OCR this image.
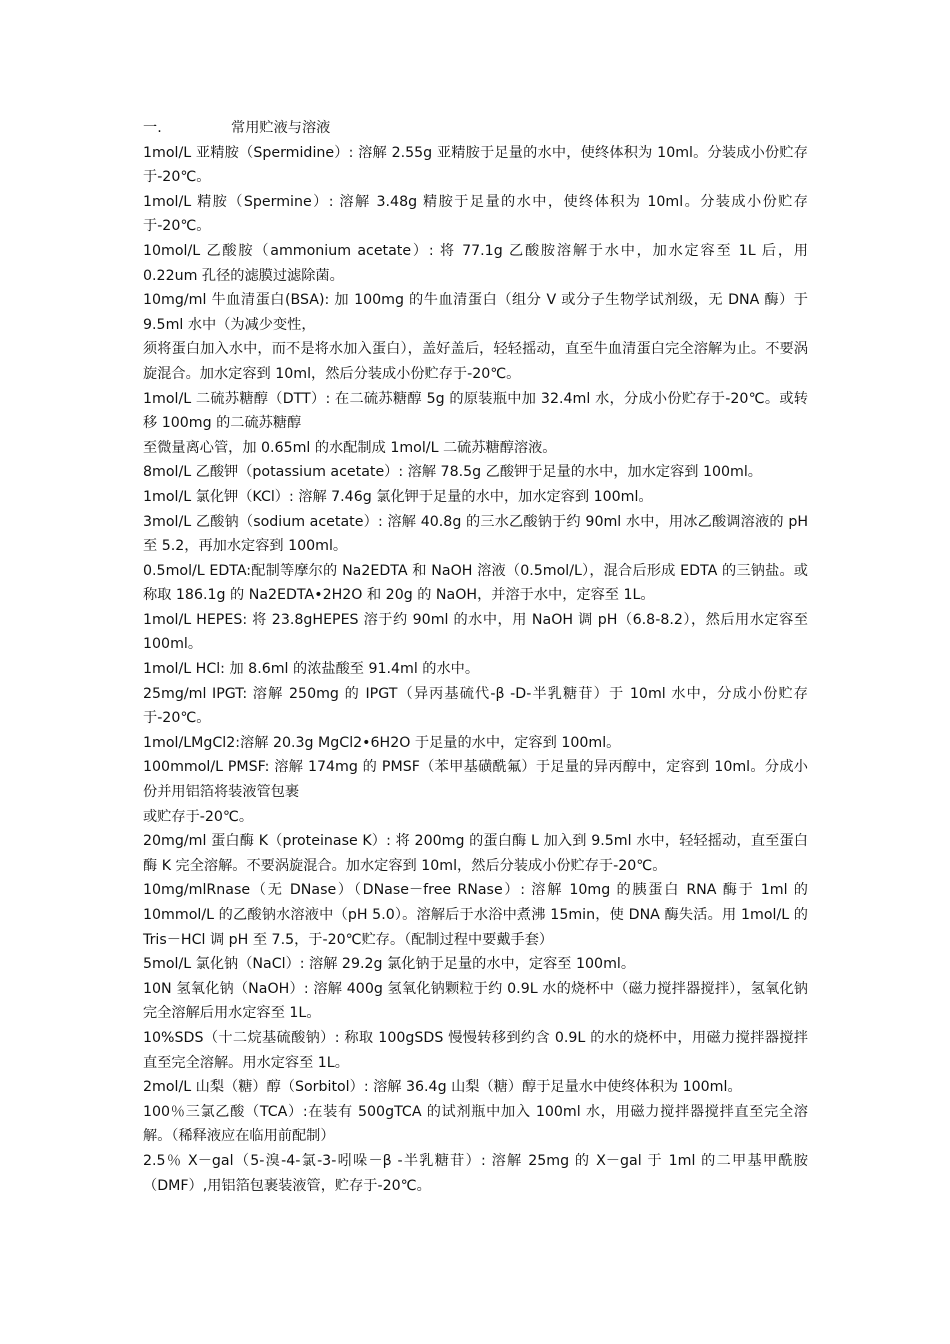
一.	常用贮液与溶液
1mol/L 亚精胺（Spermidine）: 溶解 2.55g 亚精胺于足量的水中，使终体积为 10ml。分装成小份贮存于-20℃。
1mol/L 精胺（Spermine）: 溶解 3.48g 精胺于足量的水中，使终体积为 10ml。分装成小份贮存于-20℃。
10mol/L 乙酸胺（ammonium acetate）: 将 77.1g 乙酸胺溶解于水中，加水定容至 1L 后，用 0.22um 孔径的滤膜过滤除菌。
10mg/ml 牛血清蛋白(BSA): 加 100mg 的牛血清蛋白（组分 V 或分子生物学试剂级，无 DNA 酶）于 9.5ml 水中（为减少变性，
须将蛋白加入水中，而不是将水加入蛋白），盖好盖后，轻轻摇动，直至牛血清蛋白完全溶解为止。不要涡旋混合。加水定容到 10ml，然后分装成小份贮存于-20℃。
1mol/L 二硫苏糖醇（DTT）: 在二硫苏糖醇 5g 的原装瓶中加 32.4ml 水，分成小份贮存于-20℃。或转移 100mg 的二硫苏糖醇
至微量离心管，加 0.65ml 的水配制成 1mol/L 二硫苏糖醇溶液。
8mol/L 乙酸钾（potassium acetate）: 溶解 78.5g 乙酸钾于足量的水中，加水定容到 100ml。
1mol/L 氯化钾（KCl）: 溶解 7.46g 氯化钾于足量的水中，加水定容到 100ml。
3mol/L 乙酸钠（sodium acetate）: 溶解 40.8g 的三水乙酸钠于约 90ml 水中，用冰乙酸调溶液的 pH 至 5.2，再加水定容到 100ml。
0.5mol/L EDTA:配制等摩尔的 Na2EDTA 和 NaOH 溶液（0.5mol/L），混合后形成 EDTA 的三钠盐。或称取 186.1g 的 Na2EDTA•2H2O 和 20g 的 NaOH，并溶于水中，定容至 1L。
1mol/L HEPES: 将 23.8gHEPES 溶于约 90ml 的水中，用 NaOH 调 pH（6.8-8.2），然后用水定容至 100ml。
1mol/L HCl: 加 8.6ml 的浓盐酸至 91.4ml 的水中。
25mg/ml IPGT: 溶解 250mg 的 IPGT（异丙基硫代-β -D-半乳糖苷）于 10ml 水中，分成小份贮存于-20℃。
1mol/LMgCl2:溶解 20.3g MgCl2•6H2O 于足量的水中，定容到 100ml。
100mmol/L PMSF: 溶解 174mg 的 PMSF（苯甲基磺酰氟）于足量的异丙醇中，定容到 10ml。分成小份并用铝箔将装液管包裹
或贮存于-20℃。
20mg/ml 蛋白酶 K（proteinase K）: 将 200mg 的蛋白酶 L 加入到 9.5ml 水中，轻轻摇动，直至蛋白酶 K 完全溶解。不要涡旋混合。加水定容到 10ml，然后分装成小份贮存于-20℃。
10mg/mlRnase（无 DNase）（DNase－free RNase）: 溶解 10mg 的胰蛋白 RNA 酶于 1ml 的 10mmol/L 的乙酸钠水溶液中（pH 5.0）。溶解后于水浴中煮沸 15min，使 DNA 酶失活。用 1mol/L 的 Tris－HCl 调 pH 至 7.5，于-20℃贮存。（配制过程中要戴手套）
5mol/L 氯化钠（NaCl）: 溶解 29.2g 氯化钠于足量的水中，定容至 100ml。
10N 氢氧化钠（NaOH）: 溶解 400g 氢氧化钠颗粒于约 0.9L 水的烧杯中（磁力搅拌器搅拌），氢氧化钠完全溶解后用水定容至 1L。
10%SDS（十二烷基硫酸钠）: 称取 100gSDS 慢慢转移到约含 0.9L 的水的烧杯中，用磁力搅拌器搅拌直至完全溶解。用水定容至 1L。
2mol/L 山梨（糖）醇（Sorbitol）: 溶解 36.4g 山梨（糖）醇于足量水中使终体积为 100ml。
100％三氯乙酸（TCA）:在装有 500gTCA 的试剂瓶中加入 100ml 水，用磁力搅拌器搅拌直至完全溶解。（稀释液应在临用前配制）
2.5％ X－gal（5-溴-4-氯-3-吲哚－β -半乳糖苷）: 溶解 25mg 的 X－gal 于 1ml 的二甲基甲酰胺（DMF）,用铝箔包裹装液管，贮存于-20℃。
